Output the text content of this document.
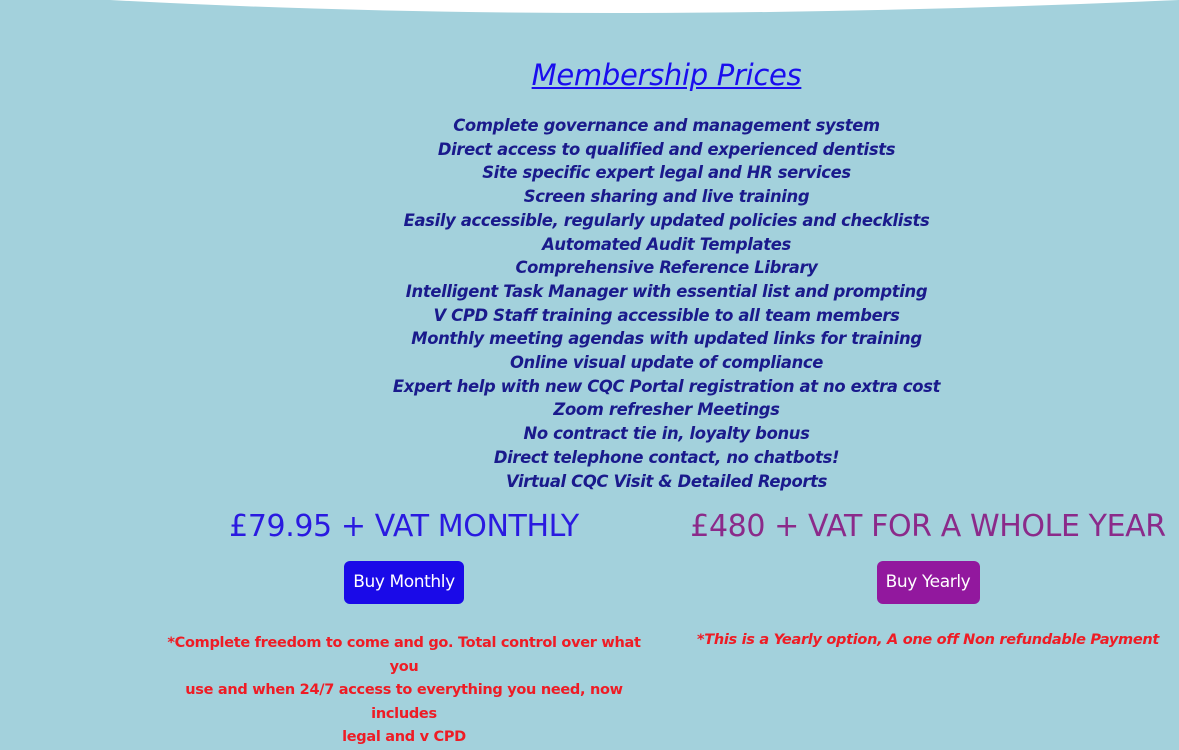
Membership Prices
Complete governance and management system
Direct access to qualified and experienced dentists
Site specific expert legal and HR services
Screen sharing and live training
Easily accessible, regularly updated policies and checklists
Automated Audit Templates
Comprehensive Reference Library
Intelligent Task Manager with essential list and prompting
V CPD Staff training accessible to all team members
Monthly meeting agendas with updated links for training
Online visual update of compliance
Expert help with new CQC Portal registration at no extra cost
Zoom refresher Meetings
No contract tie in, loyalty bonus
Direct telephone contact, no chatbots!
Virtual CQC Visit & Detailed Reports
£79.95 + VAT MONTHLY
Buy Monthly
£480 + VAT FOR A WHOLE YEAR
Buy Yearly
*Complete freedom to come and go. Total control over what you
use and when 24/7 access to everything you need, now includes
legal and v CPD
*This is a Yearly option, A one off Non refundable Payment
